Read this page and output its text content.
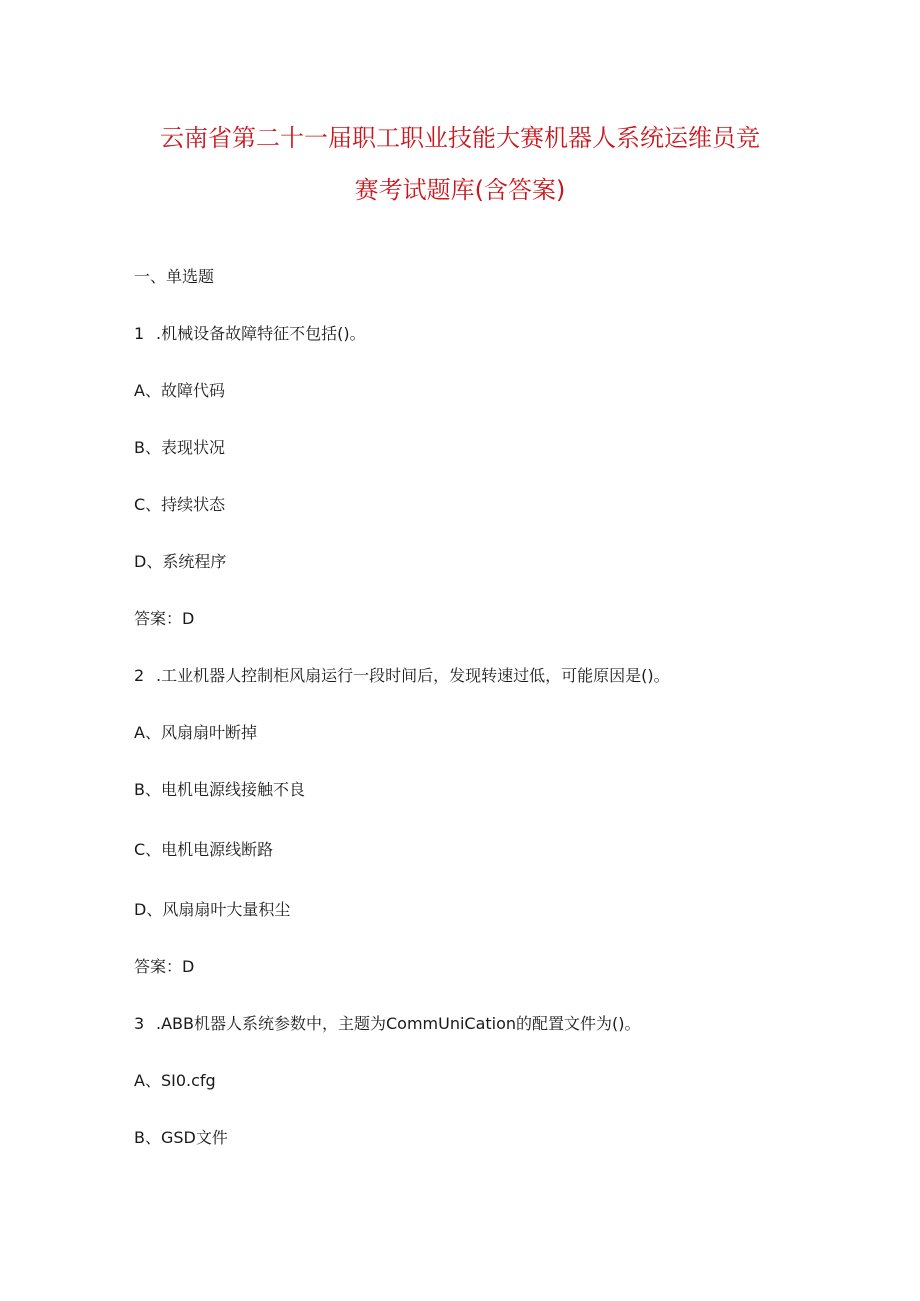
云南省第二十一届职工职业技能大赛机器人系统运维员竞
赛考试题库(含答案)
一、单选题
1 .机械设备故障特征不包括()。
A、故障代码
B、表现状况
C、持续状态
D、系统程序
答案：D
2 .工业机器人控制柜风扇运行一段时间后，发现转速过低，可能原因是()。
A、风扇扇叶断掉
B、电机电源线接触不良
C、电机电源线断路
D、风扇扇叶大量积尘
答案：D
3 .ABB机器人系统参数中，主题为CommUniCation的配置文件为()。
A、SI0.cfg
B、GSD文件
